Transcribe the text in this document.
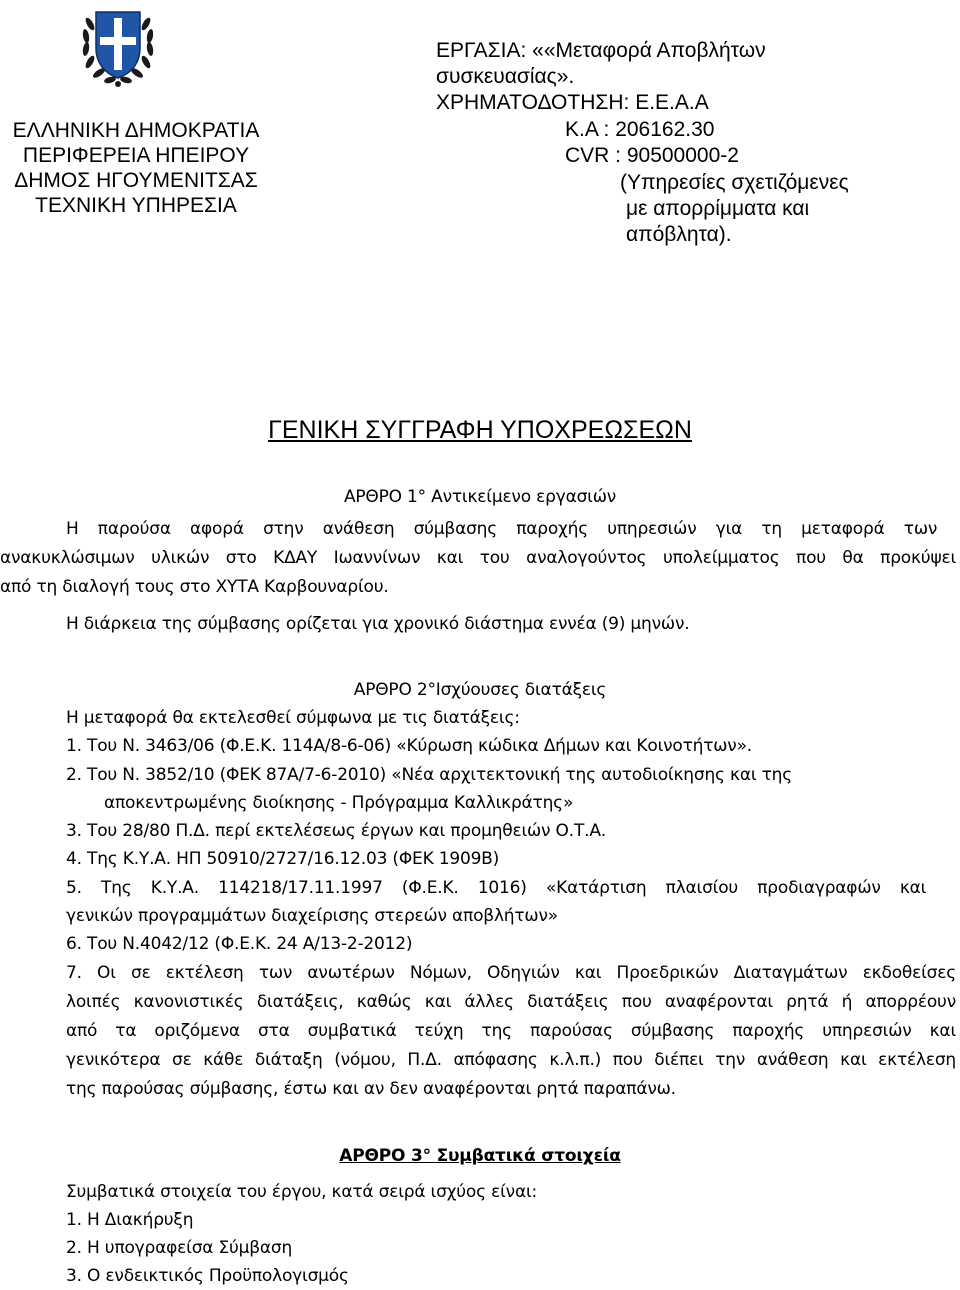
ΕΛΛΗΝΙΚΗ ΔΗΜΟΚΡΑΤΙΑ
ΠΕΡΙΦΕΡΕΙΑ ΗΠΕΙΡΟΥ
ΔΗΜΟΣ ΗΓΟΥΜΕΝΙΤΣΑΣ
ΤΕΧΝΙΚΗ ΥΠΗΡΕΣΙΑ
ΕΡΓΑΣΙΑ: ««Μεταφορά Αποβλήτων
συσκευασίας».
ΧΡΗΜΑΤΟΔΟΤΗΣΗ: Ε.Ε.Α.Α
Κ.Α : 206162.30
CVR : 90500000-2
(Υπηρεσίες σχετιζόμενες
με απορρίμματα και
απόβλητα).
ΓΕΝΙΚΗ ΣΥΓΓΡΑΦΗ ΥΠΟΧΡΕΩΣΕΩΝ
ΑΡΘΡΟ 1° Αντικείμενο εργασιών
Η παρούσα αφορά στην ανάθεση σύμβασης παροχής υπηρεσιών για τη μεταφορά των
ανακυκλώσιμων υλικών στο ΚΔΑΥ Ιωαννίνων και του αναλογούντος υπολείμματος που θα προκύψει
από τη διαλογή τους στο ΧΥΤΑ Καρβουναρίου.
Η διάρκεια της σύμβασης ορίζεται για χρονικό διάστημα εννέα (9) μηνών.
ΑΡΘΡΟ 2°Ισχύουσες διατάξεις
Η μεταφορά θα εκτελεσθεί σύμφωνα με τις διατάξεις:
1. Του Ν. 3463/06 (Φ.Ε.Κ. 114Α/8-6-06) «Κύρωση κώδικα Δήμων και Κοινοτήτων».
2. Του Ν. 3852/10 (ΦΕΚ 87Α/7-6-2010) «Νέα αρχιτεκτονική της αυτοδιοίκησης και της
αποκεντρωμένης διοίκησης - Πρόγραμμα Καλλικράτης»
3. Του 28/80 Π.Δ. περί εκτελέσεως έργων και προμηθειών Ο.Τ.Α.
4. Της Κ.Υ.Α. ΗΠ 50910/2727/16.12.03 (ΦΕΚ 1909Β)
5. Της Κ.Υ.Α. 114218/17.11.1997 (Φ.Ε.Κ. 1016) «Κατάρτιση πλαισίου προδιαγραφών και
γενικών προγραμμάτων διαχείρισης στερεών αποβλήτων»
6. Του Ν.4042/12 (Φ.Ε.Κ. 24 Α/13-2-2012)
7. Οι σε εκτέλεση των ανωτέρων Νόμων, Οδηγιών και Προεδρικών Διαταγμάτων εκδοθείσες
λοιπές κανονιστικές διατάξεις, καθώς και άλλες διατάξεις που αναφέρονται ρητά ή απορρέουν
από τα οριζόμενα στα συμβατικά τεύχη της παρούσας σύμβασης παροχής υπηρεσιών και
γενικότερα σε κάθε διάταξη (νόμου, Π.Δ. απόφασης κ.λ.π.) που διέπει την ανάθεση και εκτέλεση
της παρούσας σύμβασης, έστω και αν δεν αναφέρονται ρητά παραπάνω.
ΑΡΘΡΟ 3° Συμβατικά στοιχεία
Συμβατικά στοιχεία του έργου, κατά σειρά ισχύος είναι:
1. Η Διακήρυξη
2. Η υπογραφείσα Σύμβαση
3. Ο ενδεικτικός Προϋπολογισμός
